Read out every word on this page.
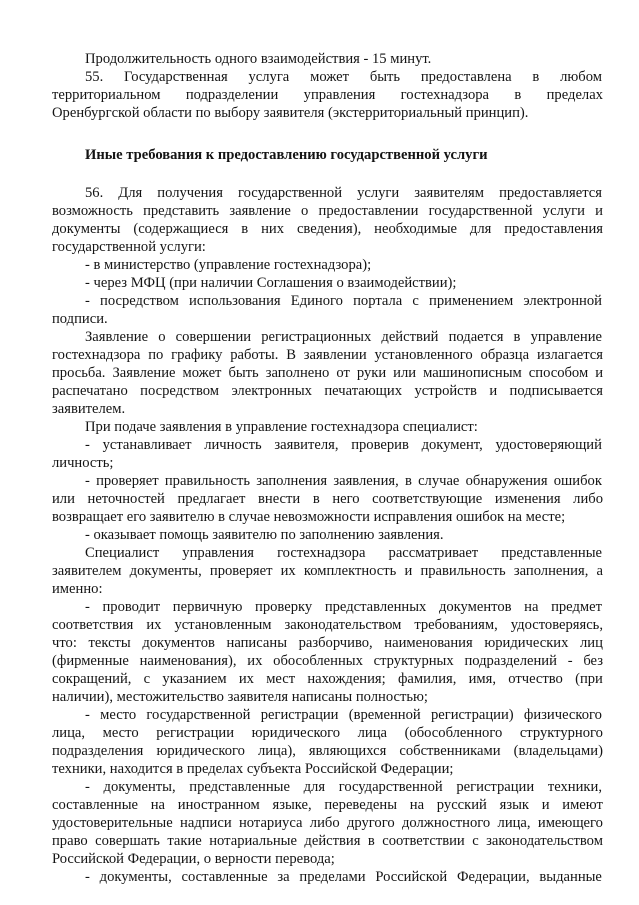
Продолжительность одного взаимодействия - 15 минут.
55. Государственная услуга может быть предоставлена в любом
территориальном подразделении управления гостехнадзора в пределах
Оренбургской области по выбору заявителя (экстерриториальный принцип).
Иные требования к предоставлению государственной услуги
56. Для получения государственной услуги заявителям предоставляется
возможность представить заявление о предоставлении государственной услуги и
документы (содержащиеся в них сведения), необходимые для предоставления
государственной услуги:
- в министерство (управление гостехнадзора);
- через МФЦ (при наличии Соглашения о взаимодействии);
- посредством использования Единого портала с применением электронной
подписи.
Заявление о совершении регистрационных действий подается в управление
гостехнадзора по графику работы. В заявлении установленного образца излагается
просьба. Заявление может быть заполнено от руки или машинописным способом и
распечатано посредством электронных печатающих устройств и подписывается
заявителем.
При подаче заявления в управление гостехнадзора специалист:
- устанавливает личность заявителя, проверив документ, удостоверяющий
личность;
- проверяет правильность заполнения заявления, в случае обнаружения ошибок
или неточностей предлагает внести в него соответствующие изменения либо
возвращает его заявителю в случае невозможности исправления ошибок на месте;
- оказывает помощь заявителю по заполнению заявления.
Специалист управления гостехнадзора рассматривает представленные
заявителем документы, проверяет их комплектность и правильность заполнения, а
именно:
- проводит первичную проверку представленных документов на предмет
соответствия их установленным законодательством требованиям, удостоверяясь,
что: тексты документов написаны разборчиво, наименования юридических лиц
(фирменные наименования), их обособленных структурных подразделений - без
сокращений, с указанием их мест нахождения; фамилия, имя, отчество (при
наличии), местожительство заявителя написаны полностью;
- место государственной регистрации (временной регистрации) физического
лица, место регистрации юридического лица (обособленного структурного
подразделения юридического лица), являющихся собственниками (владельцами)
техники, находится в пределах субъекта Российской Федерации;
- документы, представленные для государственной регистрации техники,
составленные на иностранном языке, переведены на русский язык и имеют
удостоверительные надписи нотариуса либо другого должностного лица, имеющего
право совершать такие нотариальные действия в соответствии с законодательством
Российской Федерации, о верности перевода;
- документы, составленные за пределами Российской Федерации, выданные
